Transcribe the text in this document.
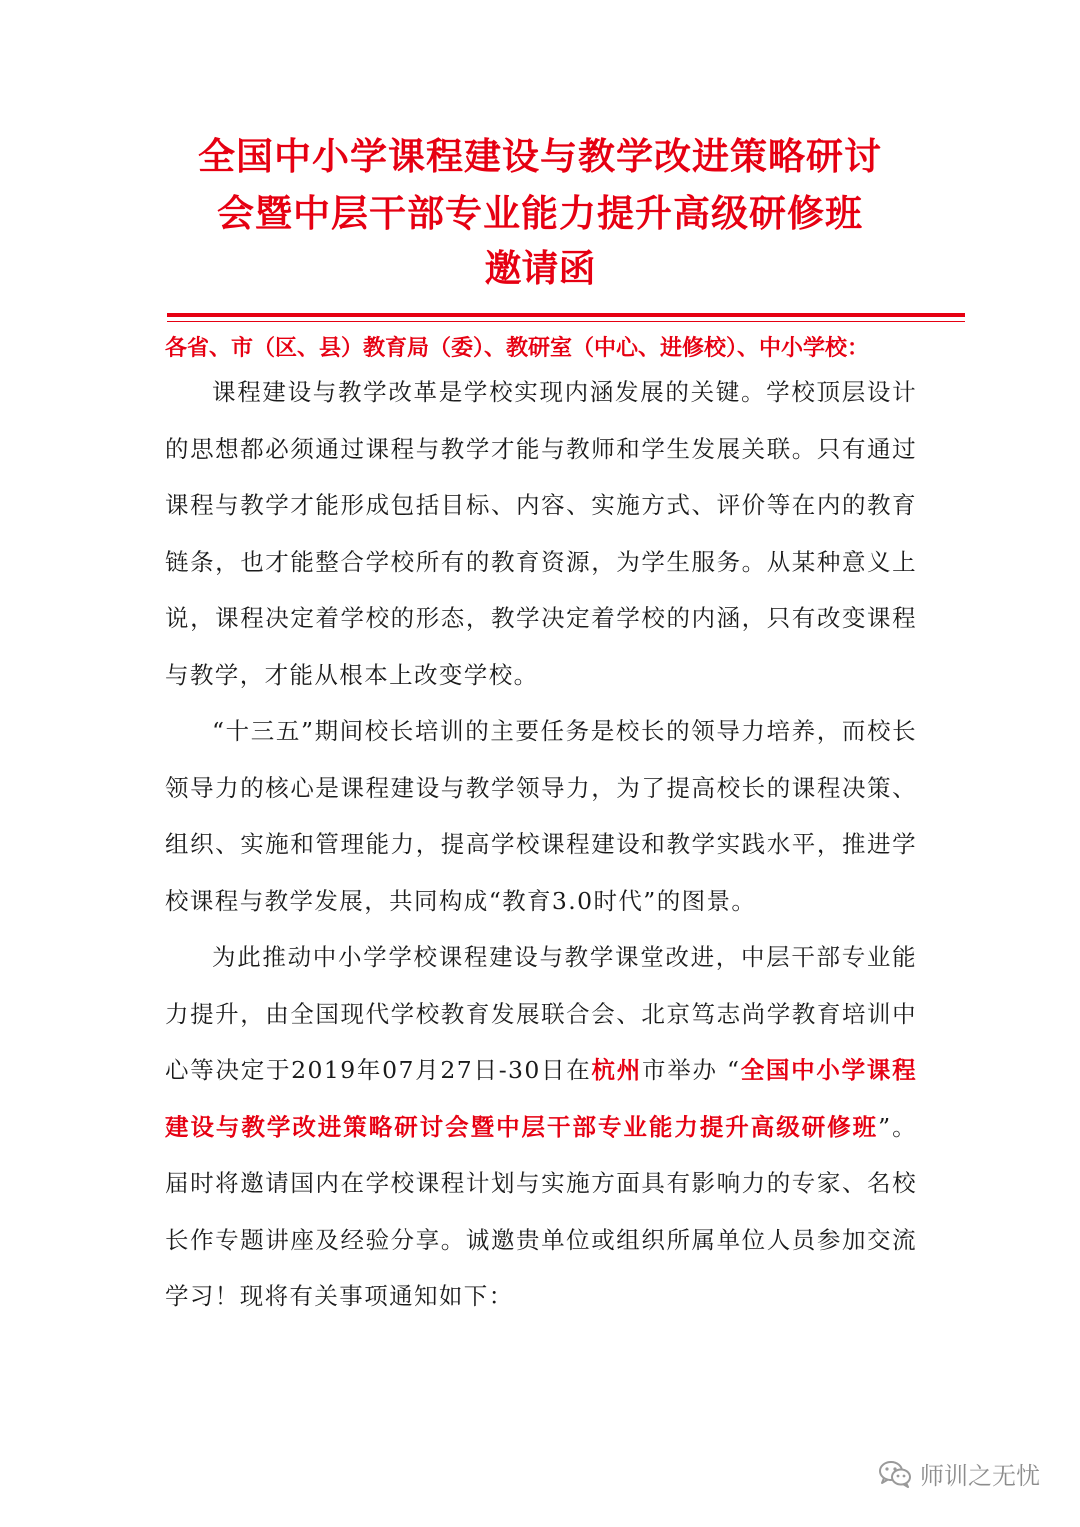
全国中小学课程建设与教学改进策略研讨
会暨中层干部专业能力提升高级研修班
邀请函
各省、市（区、县）教育局（委）、教研室（中心、进修校）、中小学校：

课程建设与教学改革是学校实现内涵发展的关键。学校顶层设计的思想都必须通过课程与教学才能与教师和学生发展关联。只有通过课程与教学才能形成包括目标、内容、实施方式、评价等在内的教育链条，也才能整合学校所有的教育资源，为学生服务。从某种意义上说，课程决定着学校的形态，教学决定着学校的内涵，只有改变课程与教学，才能从根本上改变学校。

“十三五”期间校长培训的主要任务是校长的领导力培养，而校长领导力的核心是课程建设与教学领导力，为了提高校长的课程决策、组织、实施和管理能力，提高学校课程建设和教学实践水平，推进学校课程与教学发展，共同构成“教育3.0时代”的图景。

为此推动中小学学校课程建设与教学课堂改进，中层干部专业能力提升，由全国现代学校教育发展联合会、北京笃志尚学教育培训中心等决定于2019年07月27日-30日在杭州市举办 “全国中小学课程建设与教学改进策略研讨会暨中层干部专业能力提升高级研修班”。届时将邀请国内在学校课程计划与实施方面具有影响力的专家、名校长作专题讲座及经验分享。诚邀贵单位或组织所属单位人员参加交流学习！现将有关事项通知如下：

师训之无忧
